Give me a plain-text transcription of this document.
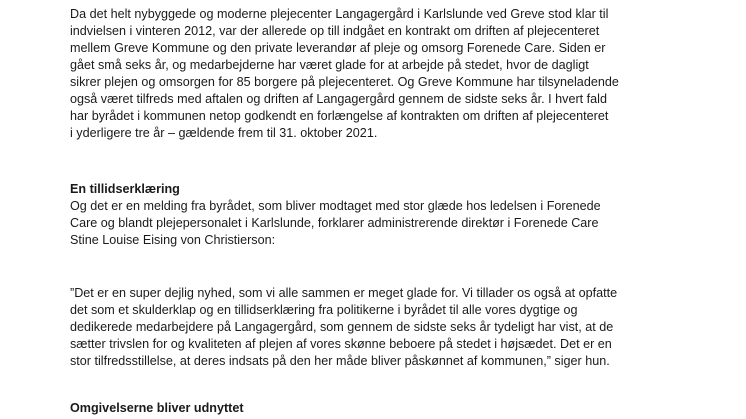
Da det helt nybyggede og moderne plejecenter Langagergård i Karlslunde ved Greve stod klar til
indvielsen i vinteren 2012, var der allerede op till indgået en kontrakt om driften af plejecenteret
mellem Greve Kommune og den private leverandør af pleje og omsorg Forenede Care. Siden er
gået små seks år, og medarbejderne har været glade for at arbejde på stedet, hvor de dagligt
sikrer plejen og omsorgen for 85 borgere på plejecenteret. Og Greve Kommune har tilsyneladende
også været tilfreds med aftalen og driften af Langagergård gennem de sidste seks år. I hvert fald
har byrådet i kommunen netop godkendt en forlængelse af kontrakten om driften af plejecenteret
i yderligere tre år – gældende frem til 31. oktober 2021.
En tillidserklæring
Og det er en melding fra byrådet, som bliver modtaget med stor glæde hos ledelsen i Forenede
Care og blandt plejepersonalet i Karlslunde, forklarer administrerende direktør i Forenede Care
Stine Louise Eising von Christierson:
”Det er en super dejlig nyhed, som vi alle sammen er meget glade for. Vi tillader os også at opfatte
det som et skulderklap og en tillidserklæring fra politikerne i byrådet til alle vores dygtige og
dedikerede medarbejdere på Langagergård, som gennem de sidste seks år tydeligt har vist, at de
sætter trivslen for og kvaliteten af plejen af vores skønne beboere på stedet i højsædet. Det er en
stor tilfredsstillelse, at deres indsats på den her måde bliver påskønnet af kommunen,” siger hun.
Omgivelserne bliver udnyttet
